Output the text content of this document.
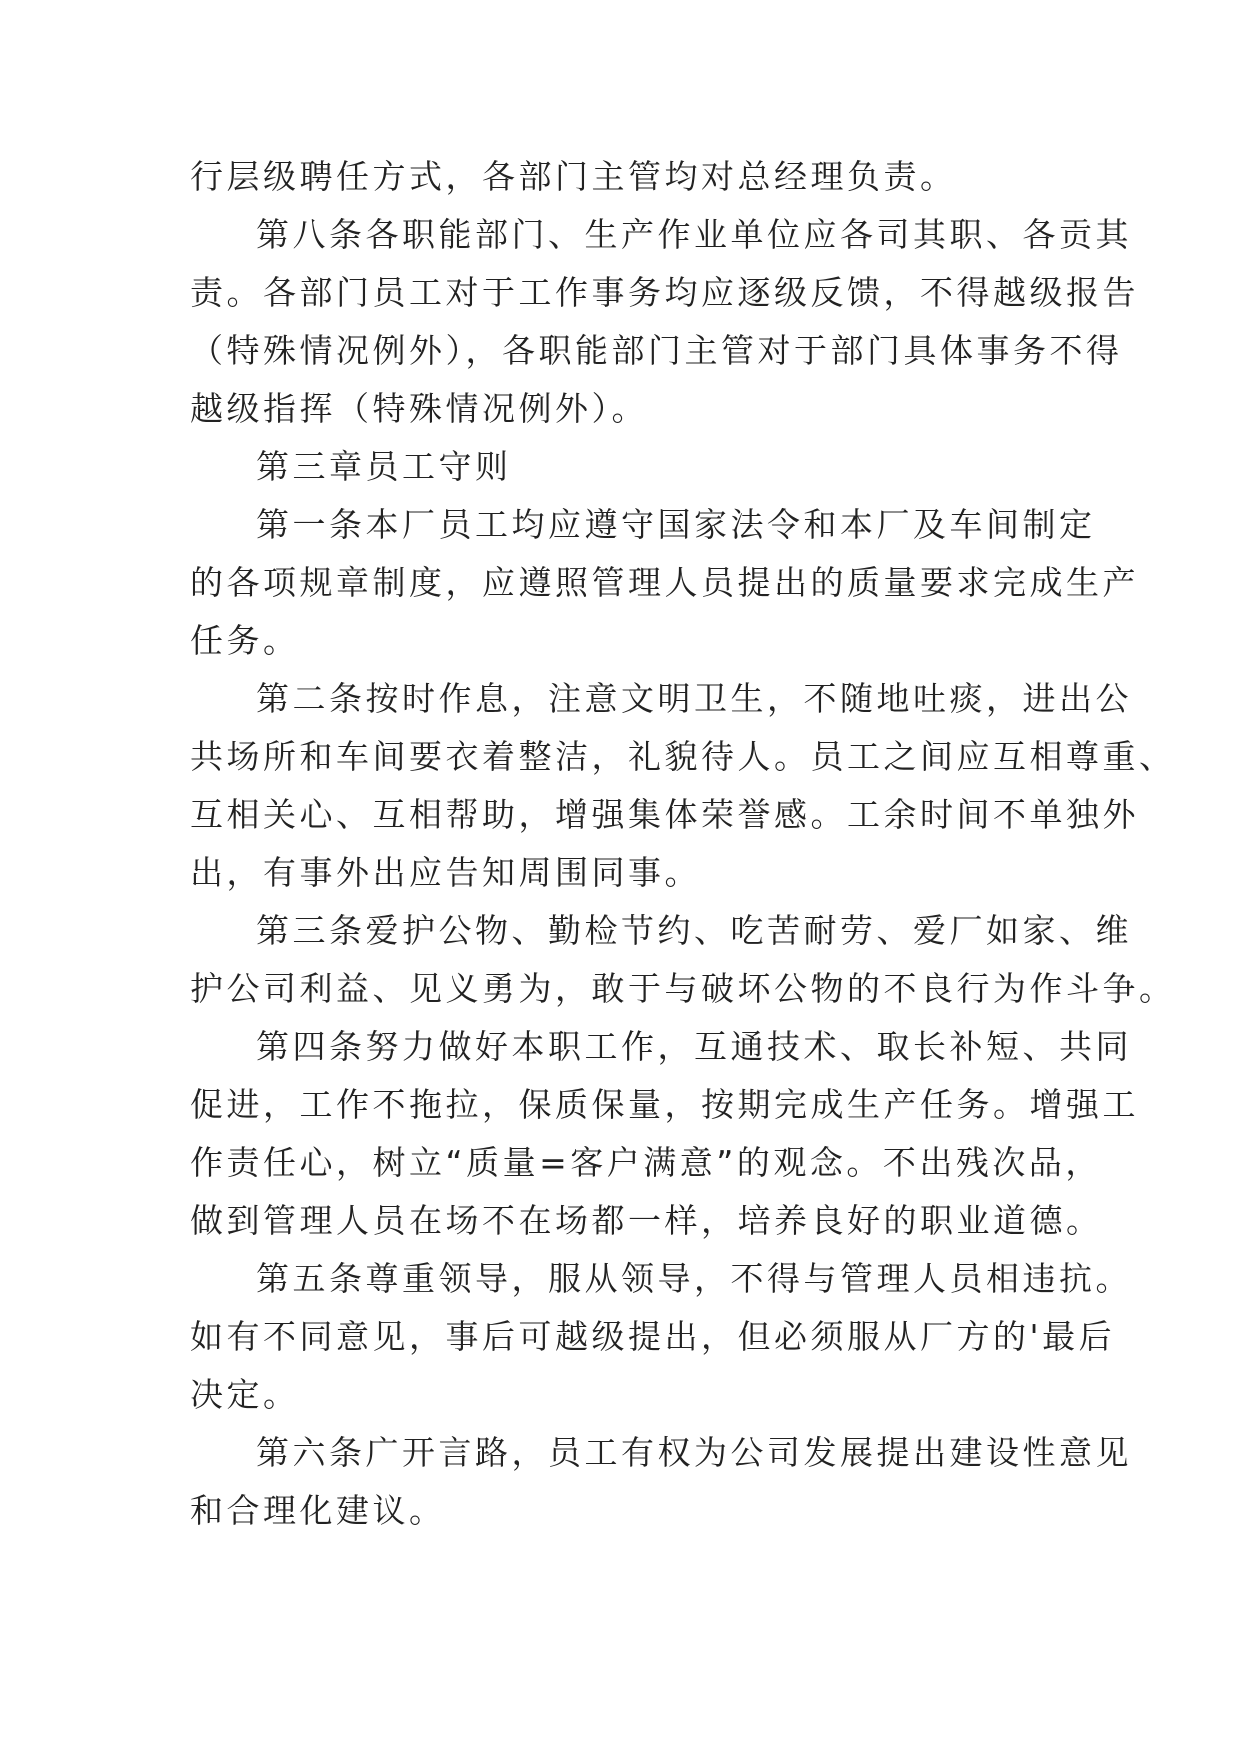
行层级聘任方式，各部门主管均对总经理负责。
第八条各职能部门、生产作业单位应各司其职、各贡其
责。各部门员工对于工作事务均应逐级反馈，不得越级报告
（特殊情况例外），各职能部门主管对于部门具体事务不得
越级指挥（特殊情况例外）。
第三章员工守则
第一条本厂员工均应遵守国家法令和本厂及车间制定
的各项规章制度，应遵照管理人员提出的质量要求完成生产
任务。
第二条按时作息，注意文明卫生，不随地吐痰，进出公
共场所和车间要衣着整洁，礼貌待人。员工之间应互相尊重、
互相关心、互相帮助，增强集体荣誉感。工余时间不单独外
出，有事外出应告知周围同事。
第三条爱护公物、勤检节约、吃苦耐劳、爱厂如家、维
护公司利益、见义勇为，敢于与破坏公物的不良行为作斗争。
第四条努力做好本职工作，互通技术、取长补短、共同
促进，工作不拖拉，保质保量，按期完成生产任务。增强工
作责任心，树立“质量=客户满意”的观念。不出残次品，
做到管理人员在场不在场都一样，培养良好的职业道德。
第五条尊重领导，服从领导，不得与管理人员相违抗。
如有不同意见，事后可越级提出，但必须服从厂方的'最后
决定。
第六条广开言路，员工有权为公司发展提出建设性意见
和合理化建议。
